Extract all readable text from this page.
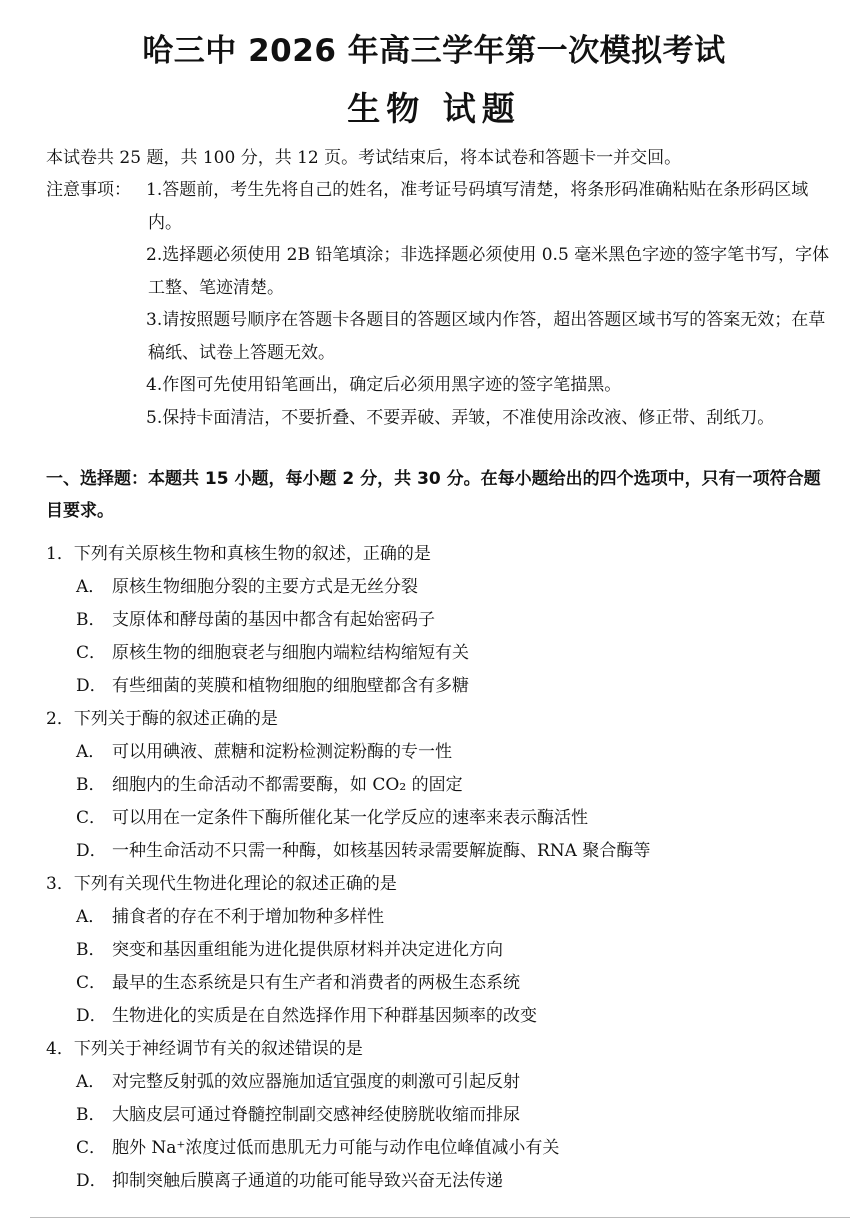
哈三中 2026 年高三学年第一次模拟考试
生物 试题
本试卷共 25 题，共 100 分，共 12 页。考试结束后，将本试卷和答题卡一并交回。
注意事项： 1.答题前，考生先将自己的姓名，准考证号码填写清楚，将条形码准确粘贴在条形码区域内。
2.选择题必须使用 2B 铅笔填涂；非选择题必须使用 0.5 毫米黑色字迹的签字笔书写，字体工整、笔迹清楚。
3.请按照题号顺序在答题卡各题目的答题区域内作答，超出答题区域书写的答案无效；在草稿纸、试卷上答题无效。
4.作图可先使用铅笔画出，确定后必须用黑字迹的签字笔描黑。
5.保持卡面清洁，不要折叠、不要弄破、弄皱，不准使用涂改液、修正带、刮纸刀。
一、选择题：本题共 15 小题，每小题 2 分，共 30 分。在每小题给出的四个选项中，只有一项符合题目要求。
1．下列有关原核生物和真核生物的叙述，正确的是
A． 原核生物细胞分裂的主要方式是无丝分裂
B． 支原体和酵母菌的基因中都含有起始密码子
C． 原核生物的细胞衰老与细胞内端粒结构缩短有关
D． 有些细菌的荚膜和植物细胞的细胞壁都含有多糖
2．下列关于酶的叙述正确的是
A． 可以用碘液、蔗糖和淀粉检测淀粉酶的专一性
B． 细胞内的生命活动不都需要酶，如 CO₂ 的固定
C． 可以用在一定条件下酶所催化某一化学反应的速率来表示酶活性
D． 一种生命活动不只需一种酶，如核基因转录需要解旋酶、RNA 聚合酶等
3．下列有关现代生物进化理论的叙述正确的是
A． 捕食者的存在不利于增加物种多样性
B． 突变和基因重组能为进化提供原材料并决定进化方向
C． 最早的生态系统是只有生产者和消费者的两极生态系统
D． 生物进化的实质是在自然选择作用下种群基因频率的改变
4．下列关于神经调节有关的叙述错误的是
A． 对完整反射弧的效应器施加适宜强度的刺激可引起反射
B． 大脑皮层可通过脊髓控制副交感神经使膀胱收缩而排尿
C． 胞外 Na⁺浓度过低而患肌无力可能与动作电位峰值减小有关
D． 抑制突触后膜离子通道的功能可能导致兴奋无法传递
